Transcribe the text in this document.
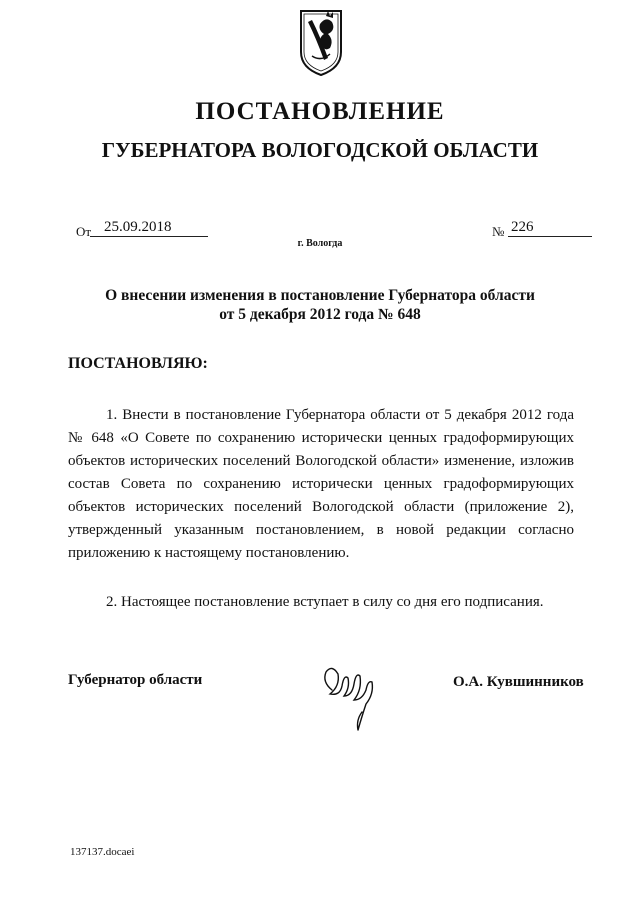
ПОСТАНОВЛЕНИЕ
ГУБЕРНАТОРА ВОЛОГОДСКОЙ ОБЛАСТИ
От 25.09.2018	№ 226
г. Вологда
О внесении изменения в постановление Губернатора области
от 5 декабря 2012 года № 648
ПОСТАНОВЛЯЮ:
1. Внести в постановление Губернатора области от 5 декабря 2012 года № 648 «О Совете по сохранению исторически ценных градоформирующих объектов исторических поселений Вологодской области» изменение, изложив состав Совета по сохранению исторически ценных градоформирующих объектов исторических поселений Вологодской области (приложение 2), утвержденный указанным постановлением, в новой редакции согласно приложению к настоящему постановлению.
2. Настоящее постановление вступает в силу со дня его подписания.
Губернатор области	О.А. Кувшинников
137137.docaei
